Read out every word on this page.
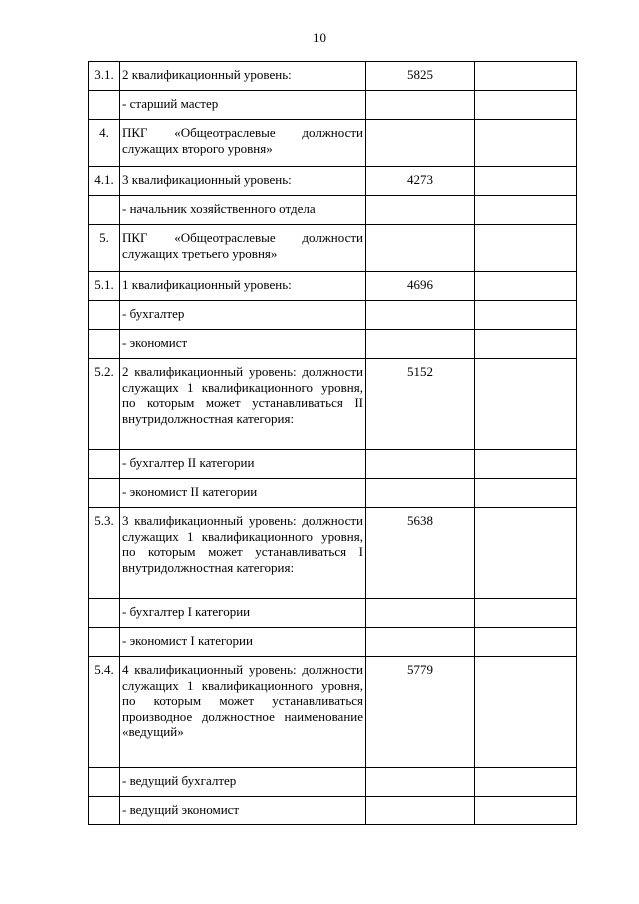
10
3.1.	2 квалификационный уровень:	5825	
	- старший мастер		
4.	ПКГ «Общеотраслевые должности служащих второго уровня»		
4.1.	3 квалификационный уровень:	4273	
	- начальник хозяйственного отдела		
5.	ПКГ «Общеотраслевые должности служащих третьего уровня»		
5.1.	1 квалификационный уровень:	4696	
	- бухгалтер		
	- экономист		
5.2.	2 квалификационный уровень: должности служащих 1 квалификационного уровня, по которым может устанавливаться II внутридолжностная категория:	5152	
	- бухгалтер II категории		
	- экономист II категории		
5.3.	3 квалификационный уровень: должности служащих 1 квалификационного уровня, по которым может устанавливаться I внутридолжностная категория:	5638	
	- бухгалтер I категории		
	- экономист I категории		
5.4.	4 квалификационный уровень: должности служащих 1 квалификационного уровня, по которым может устанавливаться производное должностное наименование «ведущий»	5779	
	- ведущий бухгалтер		
	- ведущий экономист		
